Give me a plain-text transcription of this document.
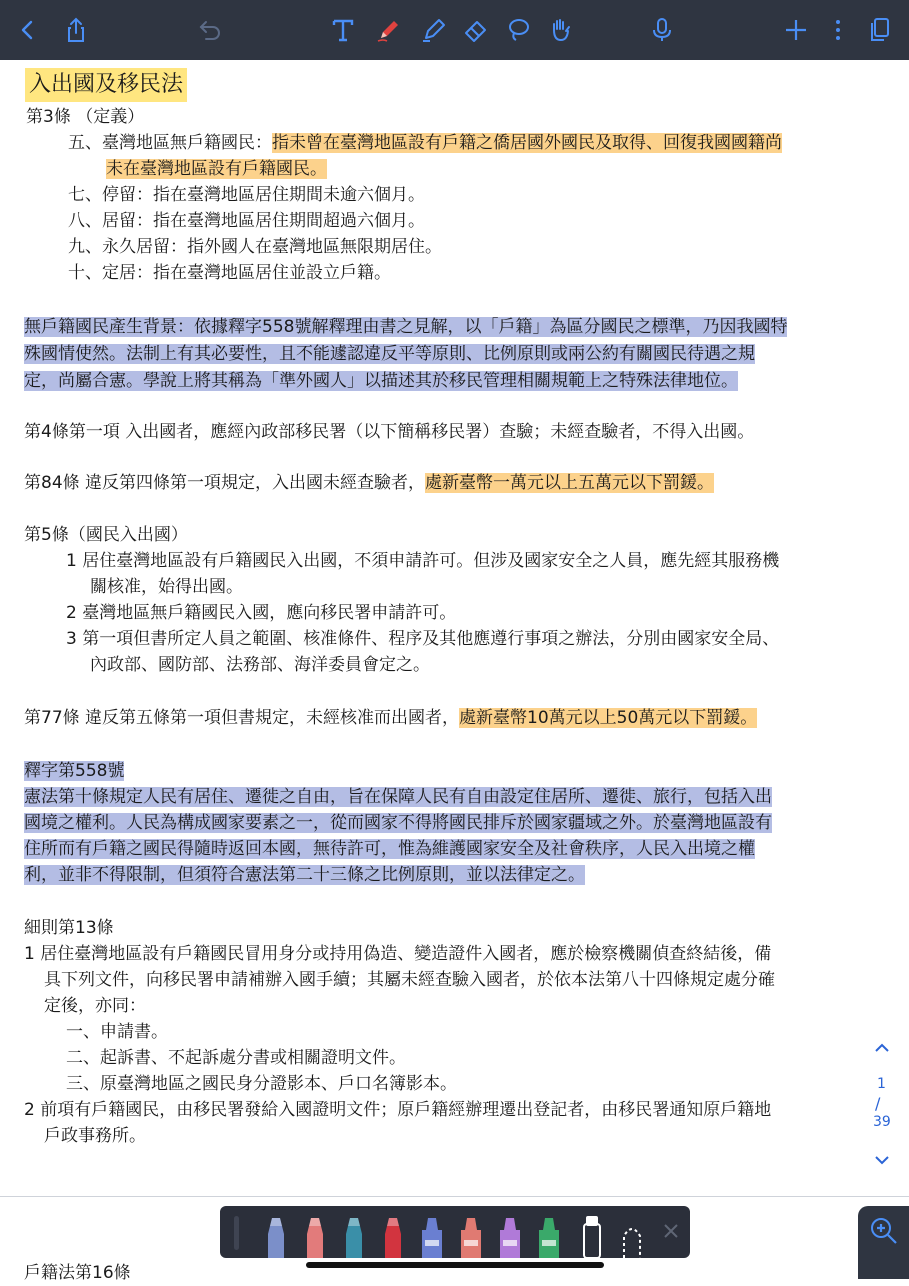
入出國及移民法
第3條 （定義）
五、臺灣地區無戶籍國民：指未曾在臺灣地區設有戶籍之僑居國外國民及取得、回復我國國籍尚
未在臺灣地區設有戶籍國民。
七、停留：指在臺灣地區居住期間未逾六個月。
八、居留：指在臺灣地區居住期間超過六個月。
九、永久居留：指外國人在臺灣地區無限期居住。
十、定居：指在臺灣地區居住並設立戶籍。
無戶籍國民產生背景：依據釋字558號解釋理由書之見解，以「戶籍」為區分國民之標準，乃因我國特
殊國情使然。法制上有其必要性，且不能遽認違反平等原則、比例原則或兩公約有關國民待遇之規
定，尚屬合憲。學說上將其稱為「準外國人」以描述其於移民管理相關規範上之特殊法律地位。
第4條第一項 入出國者，應經內政部移民署（以下簡稱移民署）查驗；未經查驗者，不得入出國。
第84條 違反第四條第一項規定，入出國未經查驗者，處新臺幣一萬元以上五萬元以下罰鍰。
第5條（國民入出國）
1 居住臺灣地區設有戶籍國民入出國，不須申請許可。但涉及國家安全之人員，應先經其服務機
關核准，始得出國。
2 臺灣地區無戶籍國民入國，應向移民署申請許可。
3 第一項但書所定人員之範圍、核准條件、程序及其他應遵行事項之辦法，分別由國家安全局、
內政部、國防部、法務部、海洋委員會定之。
第77條 違反第五條第一項但書規定，未經核准而出國者，處新臺幣10萬元以上50萬元以下罰鍰。
釋字第558號
憲法第十條規定人民有居住、遷徙之自由，旨在保障人民有自由設定住居所、遷徙、旅行，包括入出
國境之權利。人民為構成國家要素之一，從而國家不得將國民排斥於國家疆域之外。於臺灣地區設有
住所而有戶籍之國民得隨時返回本國，無待許可，惟為維護國家安全及社會秩序，人民入出境之權
利，並非不得限制，但須符合憲法第二十三條之比例原則，並以法律定之。
細則第13條
1 居住臺灣地區設有戶籍國民冒用身分或持用偽造、變造證件入國者，應於檢察機關偵查終結後，備
具下列文件，向移民署申請補辦入國手續；其屬未經查驗入國者，於依本法第八十四條規定處分確
定後，亦同：
一、申請書。
二、起訴書、不起訴處分書或相關證明文件。
三、原臺灣地區之國民身分證影本、戶口名簿影本。
2 前項有戶籍國民，由移民署發給入國證明文件；原戶籍經辦理遷出登記者，由移民署通知原戶籍地
戶政事務所。
戶籍法第16條
1
/
39
